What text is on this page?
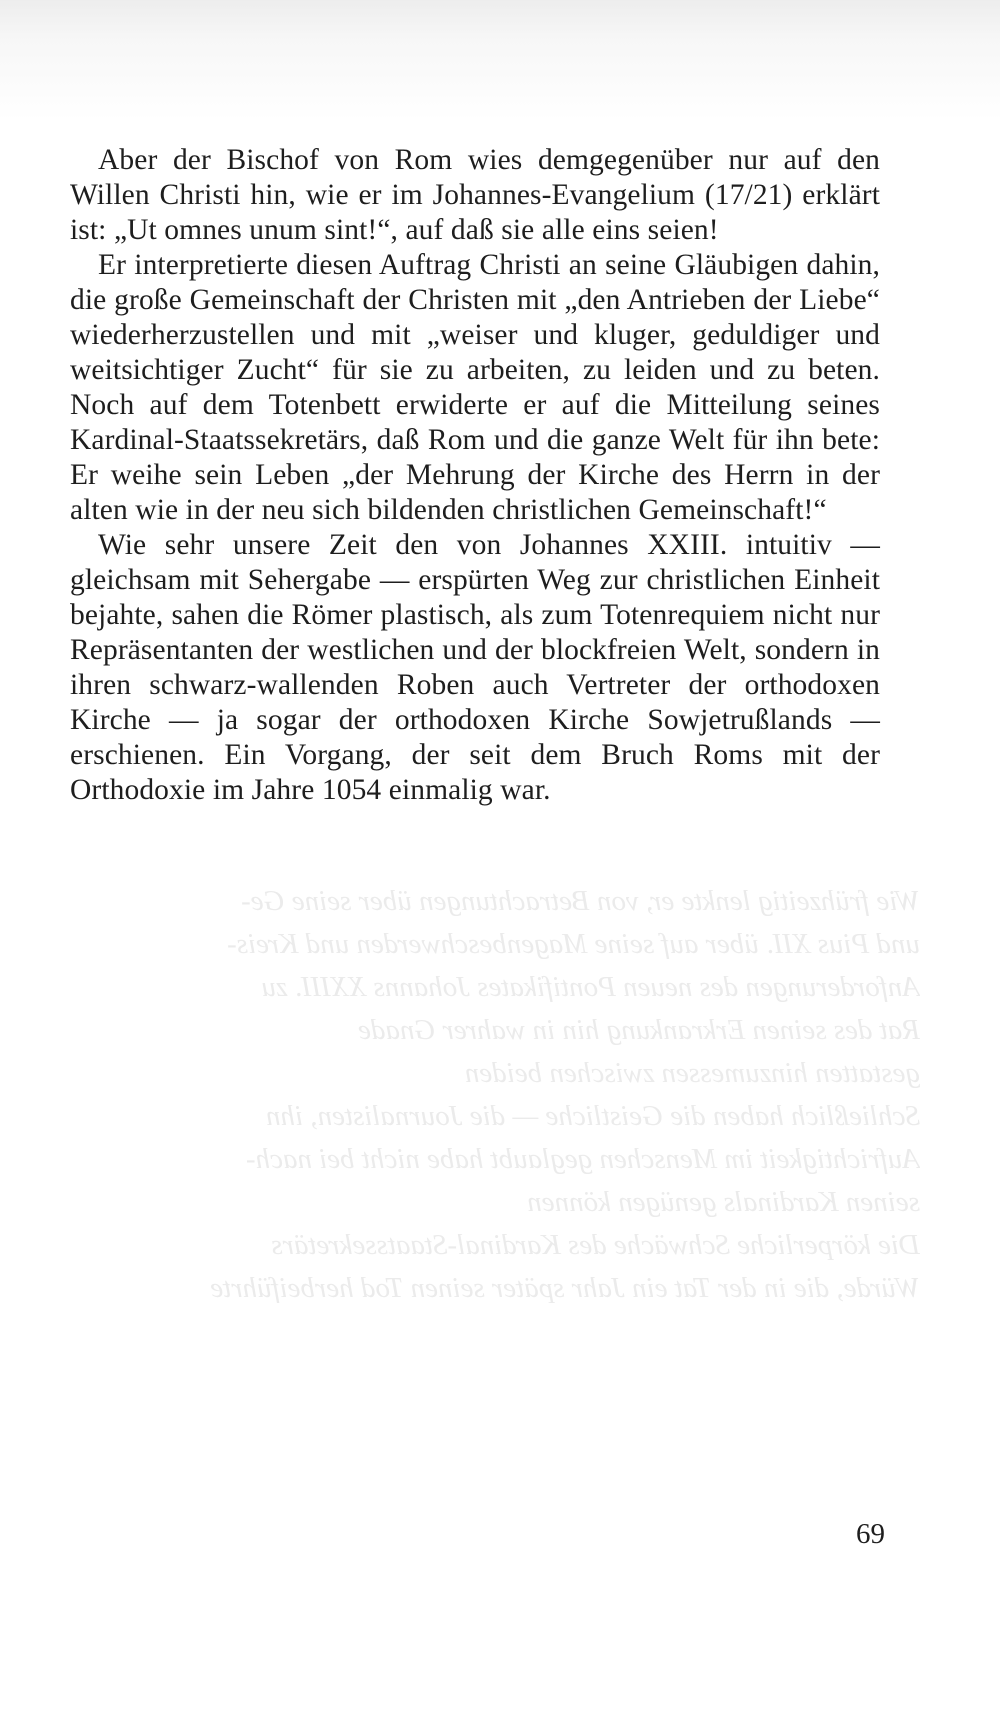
Wie frühzeitig lenkte er, von Betrachtungen über seine Ge-
und Pius XII. über auf seine Magenbeschwerden und Kreis-
Anforderungen des neuen Pontifikates Johanns XXIII. zu
Rat des seinen Erkrankung hin in wahrer Gnade
gestatten hinzumessen zwischen beiden
Schließlich haben die Geistliche — die Journalisten, ihn
Aufrichtigkeit im Menschen geglaubt habe nicht bei nach-
seinen Kardinals genügen können
Die körperliche Schwäche des Kardinal-Staatssekretärs
Würde, die in der Tat ein Jahr später seinen Tod herbeiführte

Aber der Bischof von Rom wies demgegenüber nur auf den Willen Christi hin, wie er im Johannes-Evangelium (17/21) erklärt ist: „Ut omnes unum sint!“, auf daß sie alle eins seien!

Er interpretierte diesen Auftrag Christi an seine Gläubigen dahin, die große Gemeinschaft der Christen mit „den Antrieben der Liebe“ wiederherzustellen und mit „weiser und kluger, geduldiger und weitsichtiger Zucht“ für sie zu arbeiten, zu leiden und zu beten. Noch auf dem Totenbett erwiderte er auf die Mitteilung seines Kardinal-Staatssekretärs, daß Rom und die ganze Welt für ihn bete: Er weihe sein Leben „der Mehrung der Kirche des Herrn in der alten wie in der neu sich bildenden christlichen Gemeinschaft!“

Wie sehr unsere Zeit den von Johannes XXIII. intuitiv — gleichsam mit Sehergabe — erspürten Weg zur christlichen Einheit bejahte, sahen die Römer plastisch, als zum Totenrequiem nicht nur Repräsentanten der westlichen und der blockfreien Welt, sondern in ihren schwarz-wallenden Roben auch Vertreter der orthodoxen Kirche — ja sogar der orthodoxen Kirche Sowjetrußlands — erschienen. Ein Vorgang, der seit dem Bruch Roms mit der Orthodoxie im Jahre 1054 einmalig war.

69
